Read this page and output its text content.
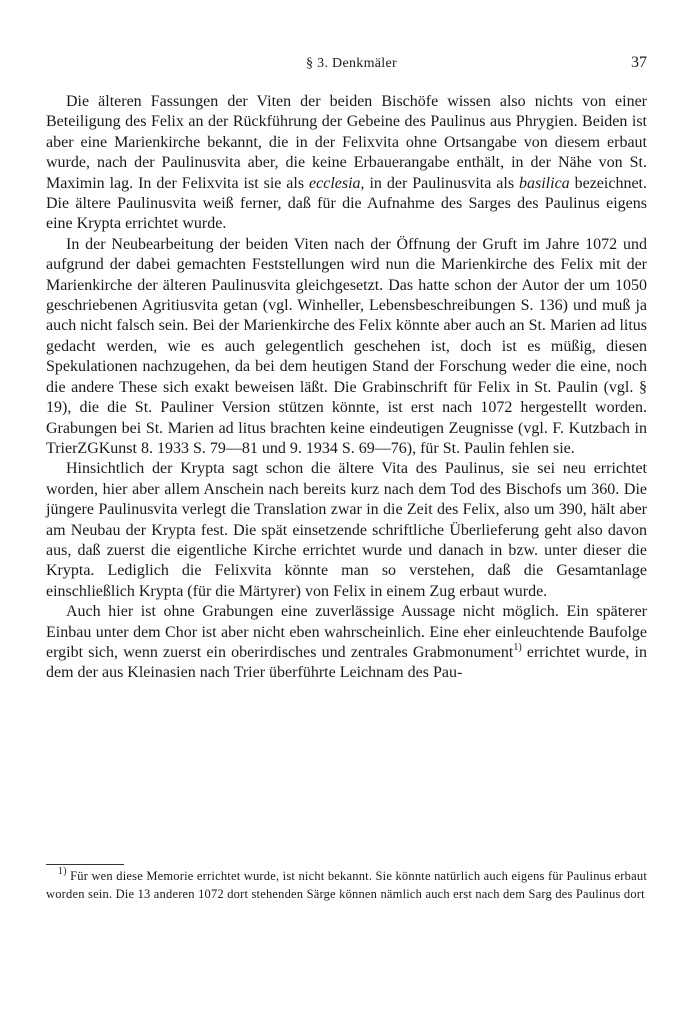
§ 3. Denkmäler	37

Die älteren Fassungen der Viten der beiden Bischöfe wissen also nichts von einer Beteiligung des Felix an der Rückführung der Gebeine des Paulinus aus Phrygien. Beiden ist aber eine Marienkirche bekannt, die in der Felixvita ohne Ortsangabe von diesem erbaut wurde, nach der Paulinusvita aber, die keine Erbauerangabe enthält, in der Nähe von St. Maximin lag. In der Felixvita ist sie als ecclesia, in der Paulinusvita als basilica bezeichnet. Die ältere Paulinusvita weiß ferner, daß für die Aufnahme des Sarges des Paulinus eigens eine Krypta errichtet wurde.

In der Neubearbeitung der beiden Viten nach der Öffnung der Gruft im Jahre 1072 und aufgrund der dabei gemachten Feststellungen wird nun die Marienkirche des Felix mit der Marienkirche der älteren Paulinusvita gleichgesetzt. Das hatte schon der Autor der um 1050 geschriebenen Agritiusvita getan (vgl. Winheller, Lebensbeschreibungen S. 136) und muß ja auch nicht falsch sein. Bei der Marienkirche des Felix könnte aber auch an St. Marien ad litus gedacht werden, wie es auch gelegentlich geschehen ist, doch ist es müßig, diesen Spekulationen nachzugehen, da bei dem heutigen Stand der Forschung weder die eine, noch die andere These sich exakt beweisen läßt. Die Grabinschrift für Felix in St. Paulin (vgl. § 19), die die St. Pauliner Version stützen könnte, ist erst nach 1072 hergestellt worden. Grabungen bei St. Marien ad litus brachten keine eindeutigen Zeugnisse (vgl. F. Kutzbach in TrierZGKunst 8. 1933 S. 79—81 und 9. 1934 S. 69—76), für St. Paulin fehlen sie.

Hinsichtlich der Krypta sagt schon die ältere Vita des Paulinus, sie sei neu errichtet worden, hier aber allem Anschein nach bereits kurz nach dem Tod des Bischofs um 360. Die jüngere Paulinusvita verlegt die Translation zwar in die Zeit des Felix, also um 390, hält aber am Neubau der Krypta fest. Die spät einsetzende schriftliche Überlieferung geht also davon aus, daß zuerst die eigentliche Kirche errichtet wurde und danach in bzw. unter dieser die Krypta. Lediglich die Felixvita könnte man so verstehen, daß die Gesamtanlage einschließlich Krypta (für die Märtyrer) von Felix in einem Zug erbaut wurde.

Auch hier ist ohne Grabungen eine zuverlässige Aussage nicht möglich. Ein späterer Einbau unter dem Chor ist aber nicht eben wahrscheinlich. Eine eher einleuchtende Baufolge ergibt sich, wenn zuerst ein oberirdisches und zentrales Grabmonument$^{1)}$ errichtet wurde, in dem der aus Kleinasien nach Trier überführte Leichnam des Pau-

$^{1)}$ Für wen diese Memorie errichtet wurde, ist nicht bekannt. Sie könnte natürlich auch eigens für Paulinus erbaut worden sein. Die 13 anderen 1072 dort stehenden Särge können nämlich auch erst nach dem Sarg des Paulinus dort
